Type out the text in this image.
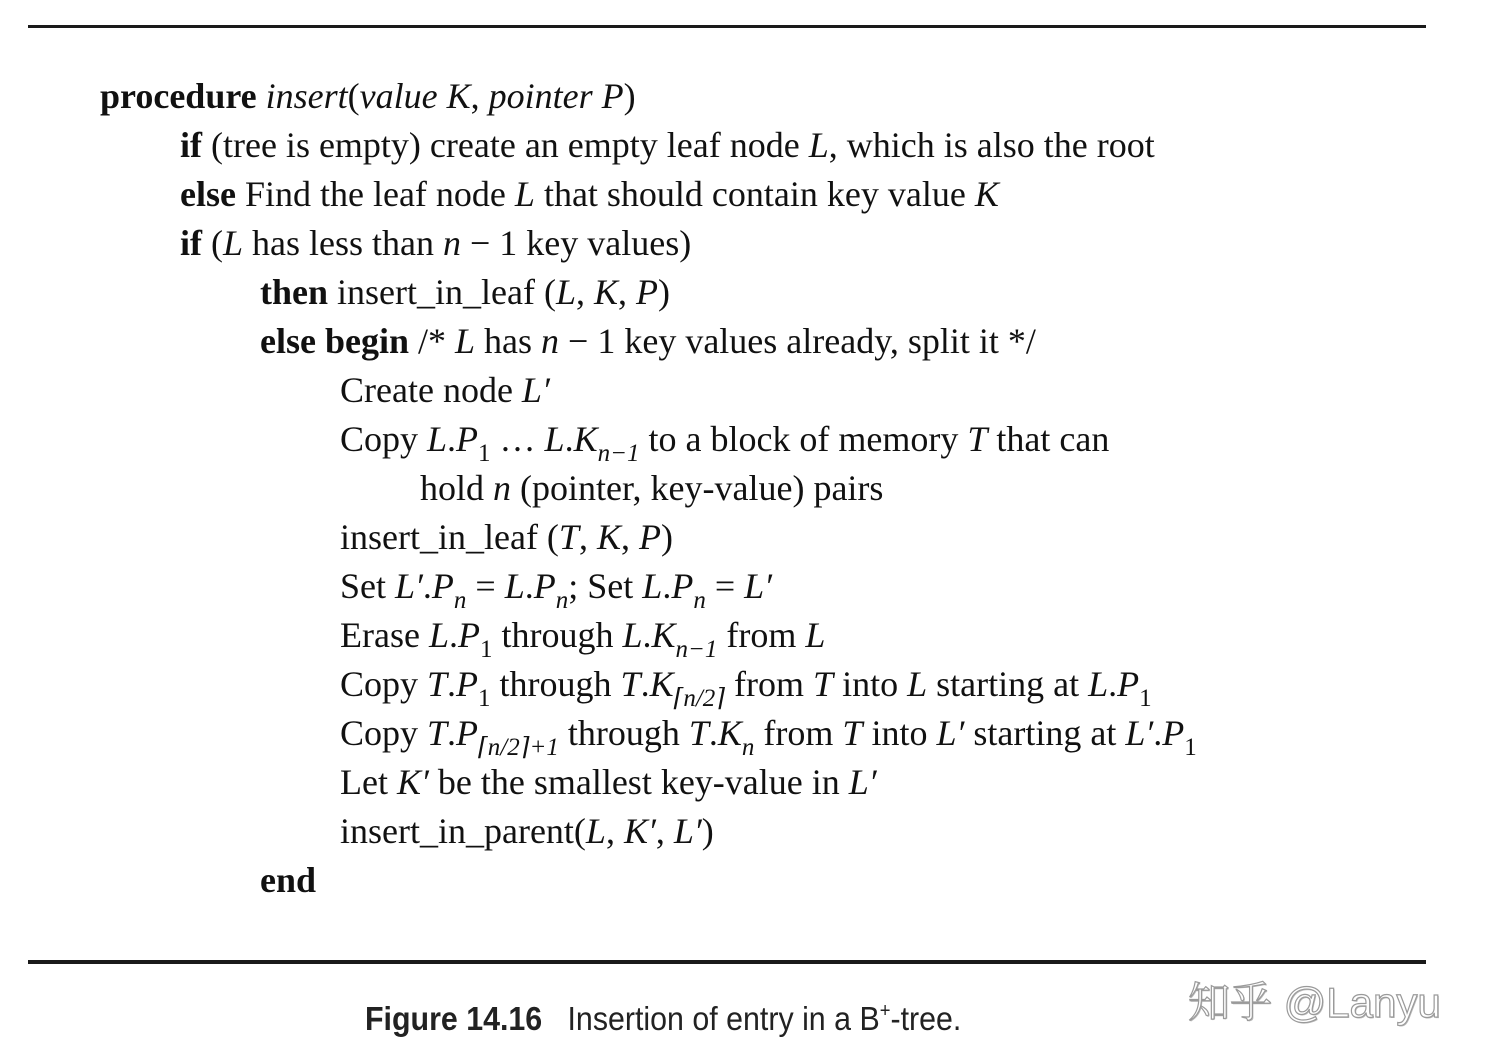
procedure insert(value K, pointer P)
if (tree is empty) create an empty leaf node L, which is also the root
else Find the leaf node L that should contain key value K
if (L has less than n − 1 key values)
then insert_in_leaf (L, K, P)
else begin /* L has n − 1 key values already, split it */
Create node L′
Copy $L.P_1$ … $L.K_{n-1}$ to a block of memory T that can
hold n (pointer, key-value) pairs
insert_in_leaf (T, K, P)
Set $L'.P_n = L.P_n$; Set $L.P_n = L'$
Erase $L.P_1$ through $L.K_{n-1}$ from L
Copy $T.P_1$ through $T.K_{⌈n/2⌉}$ from T into L starting at $L.P_1$
Copy $T.P_{⌈n/2⌉+1}$ through $T.K_n$ from T into L′ starting at $L'.P_1$
Let K′ be the smallest key-value in L′
insert_in_parent(L, K′, L′)
end
Figure 14.16 Insertion of entry in a B+-tree.	知乎 @Lanyu
